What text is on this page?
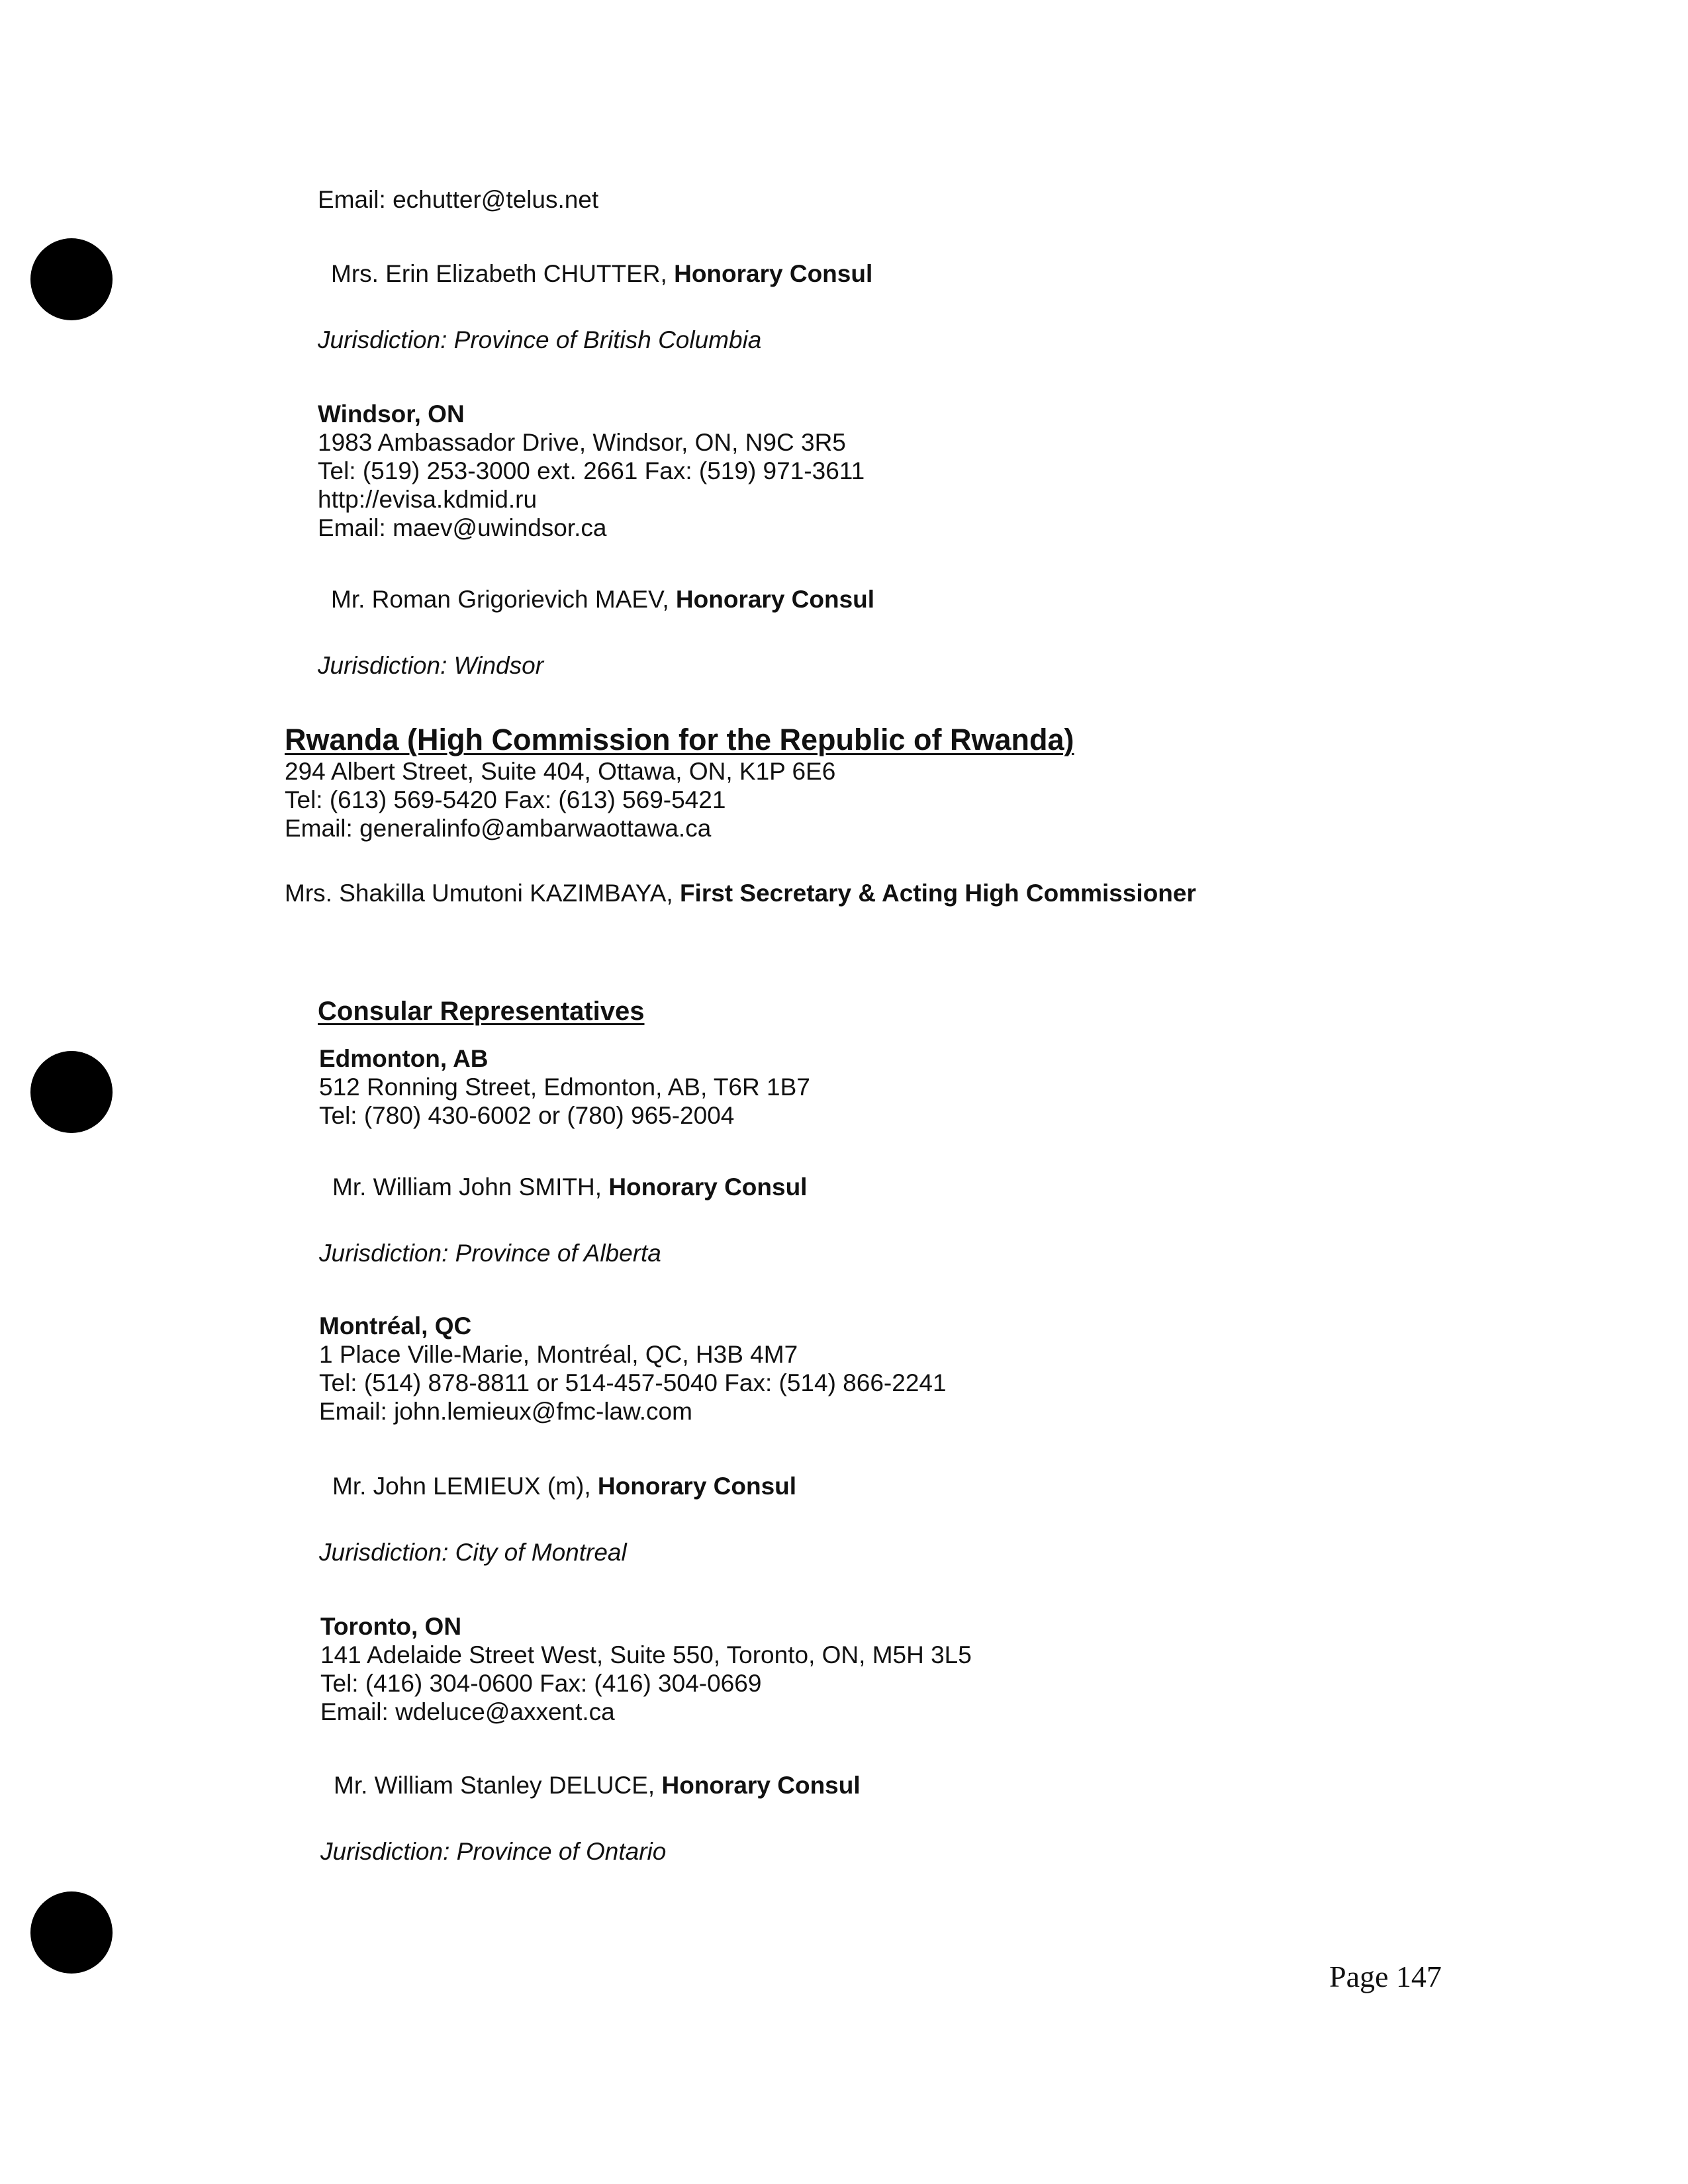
Email: echutter@telus.net
Mrs. Erin Elizabeth CHUTTER, Honorary Consul
Jurisdiction: Province of British Columbia
Windsor, ON
1983 Ambassador Drive, Windsor, ON, N9C 3R5
Tel: (519) 253-3000 ext. 2661 Fax: (519) 971-3611
http://evisa.kdmid.ru
Email: maev@uwindsor.ca
Mr. Roman Grigorievich MAEV, Honorary Consul
Jurisdiction: Windsor
Rwanda (High Commission for the Republic of Rwanda)
294 Albert Street, Suite 404, Ottawa, ON, K1P 6E6
Tel: (613) 569-5420 Fax: (613) 569-5421
Email: generalinfo@ambarwaottawa.ca
Mrs. Shakilla Umutoni KAZIMBAYA, First Secretary & Acting High Commissioner
Consular Representatives
Edmonton, AB
512 Ronning Street, Edmonton, AB, T6R 1B7
Tel: (780) 430-6002 or (780) 965-2004
Mr. William John SMITH, Honorary Consul
Jurisdiction: Province of Alberta
Montréal, QC
1 Place Ville-Marie, Montréal, QC, H3B 4M7
Tel: (514) 878-8811 or 514-457-5040 Fax: (514) 866-2241
Email: john.lemieux@fmc-law.com
Mr. John LEMIEUX (m), Honorary Consul
Jurisdiction: City of Montreal
Toronto, ON
141 Adelaide Street West, Suite 550, Toronto, ON, M5H 3L5
Tel: (416) 304-0600 Fax: (416) 304-0669
Email: wdeluce@axxent.ca
Mr. William Stanley DELUCE, Honorary Consul
Jurisdiction: Province of Ontario
Page 147
